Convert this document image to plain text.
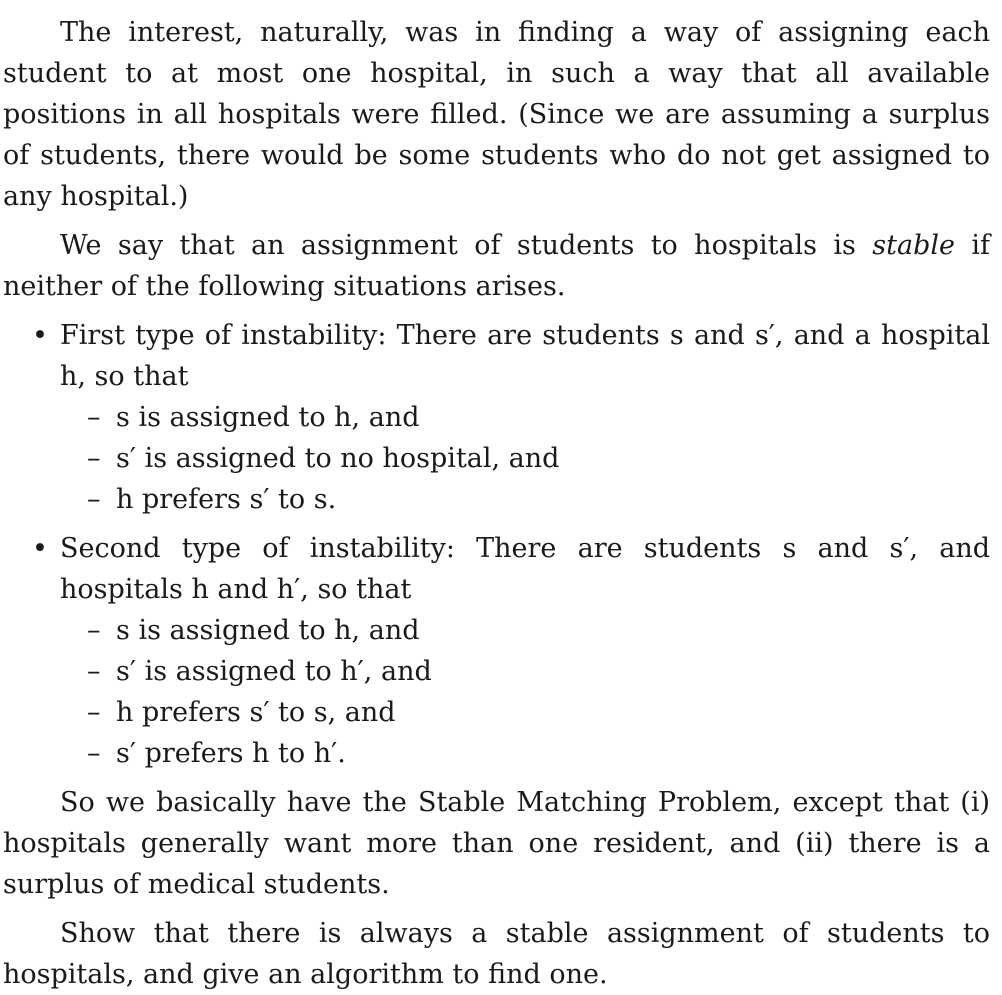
The interest, naturally, was in finding a way of assigning each student to at most one hospital, in such a way that all available positions in all hospitals were filled. (Since we are assuming a surplus of students, there would be some students who do not get assigned to any hospital.)

We say that an assignment of students to hospitals is stable if neither of the following situations arises.

• First type of instability: There are students s and s′, and a hospital h, so that
– s is assigned to h, and
– s′ is assigned to no hospital, and
– h prefers s′ to s.
• Second type of instability: There are students s and s′, and hospitals h and h′, so that
– s is assigned to h, and
– s′ is assigned to h′, and
– h prefers s′ to s, and
– s′ prefers h to h′.

So we basically have the Stable Matching Problem, except that (i) hospitals generally want more than one resident, and (ii) there is a surplus of medical students.

Show that there is always a stable assignment of students to hospitals, and give an algorithm to find one.
